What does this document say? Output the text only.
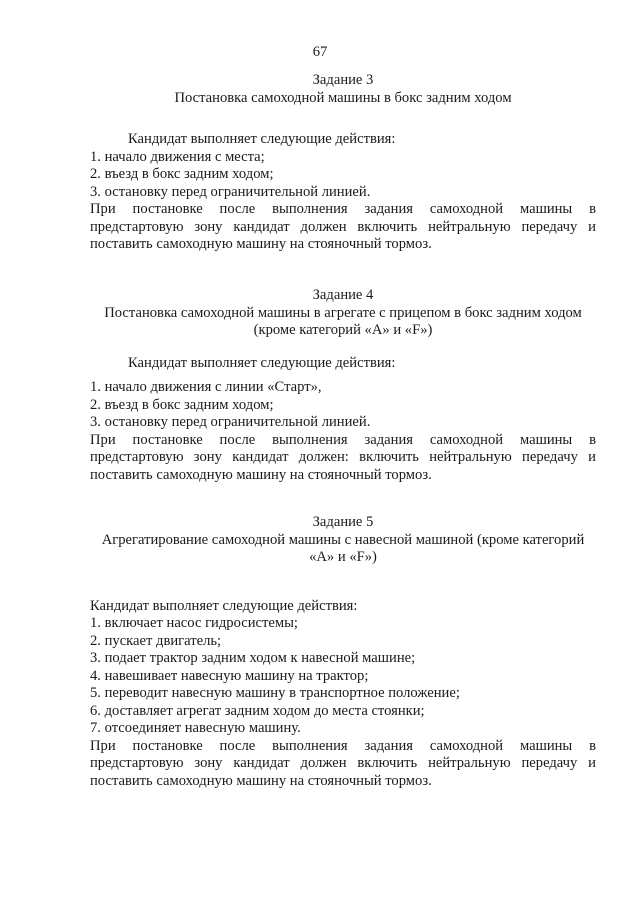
67
Задание 3
Постановка самоходной машины в бокс задним ходом
Кандидат выполняет следующие действия:
1. начало движения с места;
2. въезд в бокс задним ходом;
3. остановку перед ограничительной линией.
При постановке после выполнения задания самоходной машины в предстартовую зону кандидат должен включить нейтральную передачу и поставить самоходную машину на стояночный тормоз.
Задание 4
Постановка самоходной машины в агрегате с прицепом в бокс задним ходом
(кроме категорий «А» и «F»)
Кандидат выполняет следующие действия:
1. начало движения с линии «Старт»,
2. въезд в бокс задним ходом;
3. остановку перед ограничительной линией.
При постановке после выполнения задания самоходной машины в предстартовую зону кандидат должен: включить нейтральную передачу и поставить самоходную машину на стояночный тормоз.
Задание 5
Агрегатирование самоходной машины с навесной машиной (кроме категорий
«А» и «F»)
Кандидат выполняет следующие действия:
1. включает насос гидросистемы;
2. пускает двигатель;
3. подает трактор задним ходом к навесной машине;
4. навешивает навесную машину на трактор;
5. переводит навесную машину в транспортное положение;
6. доставляет агрегат задним ходом до места стоянки;
7. отсоединяет навесную машину.
При постановке после выполнения задания самоходной машины в предстартовую зону кандидат должен включить нейтральную передачу и поставить самоходную машину на стояночный тормоз.
